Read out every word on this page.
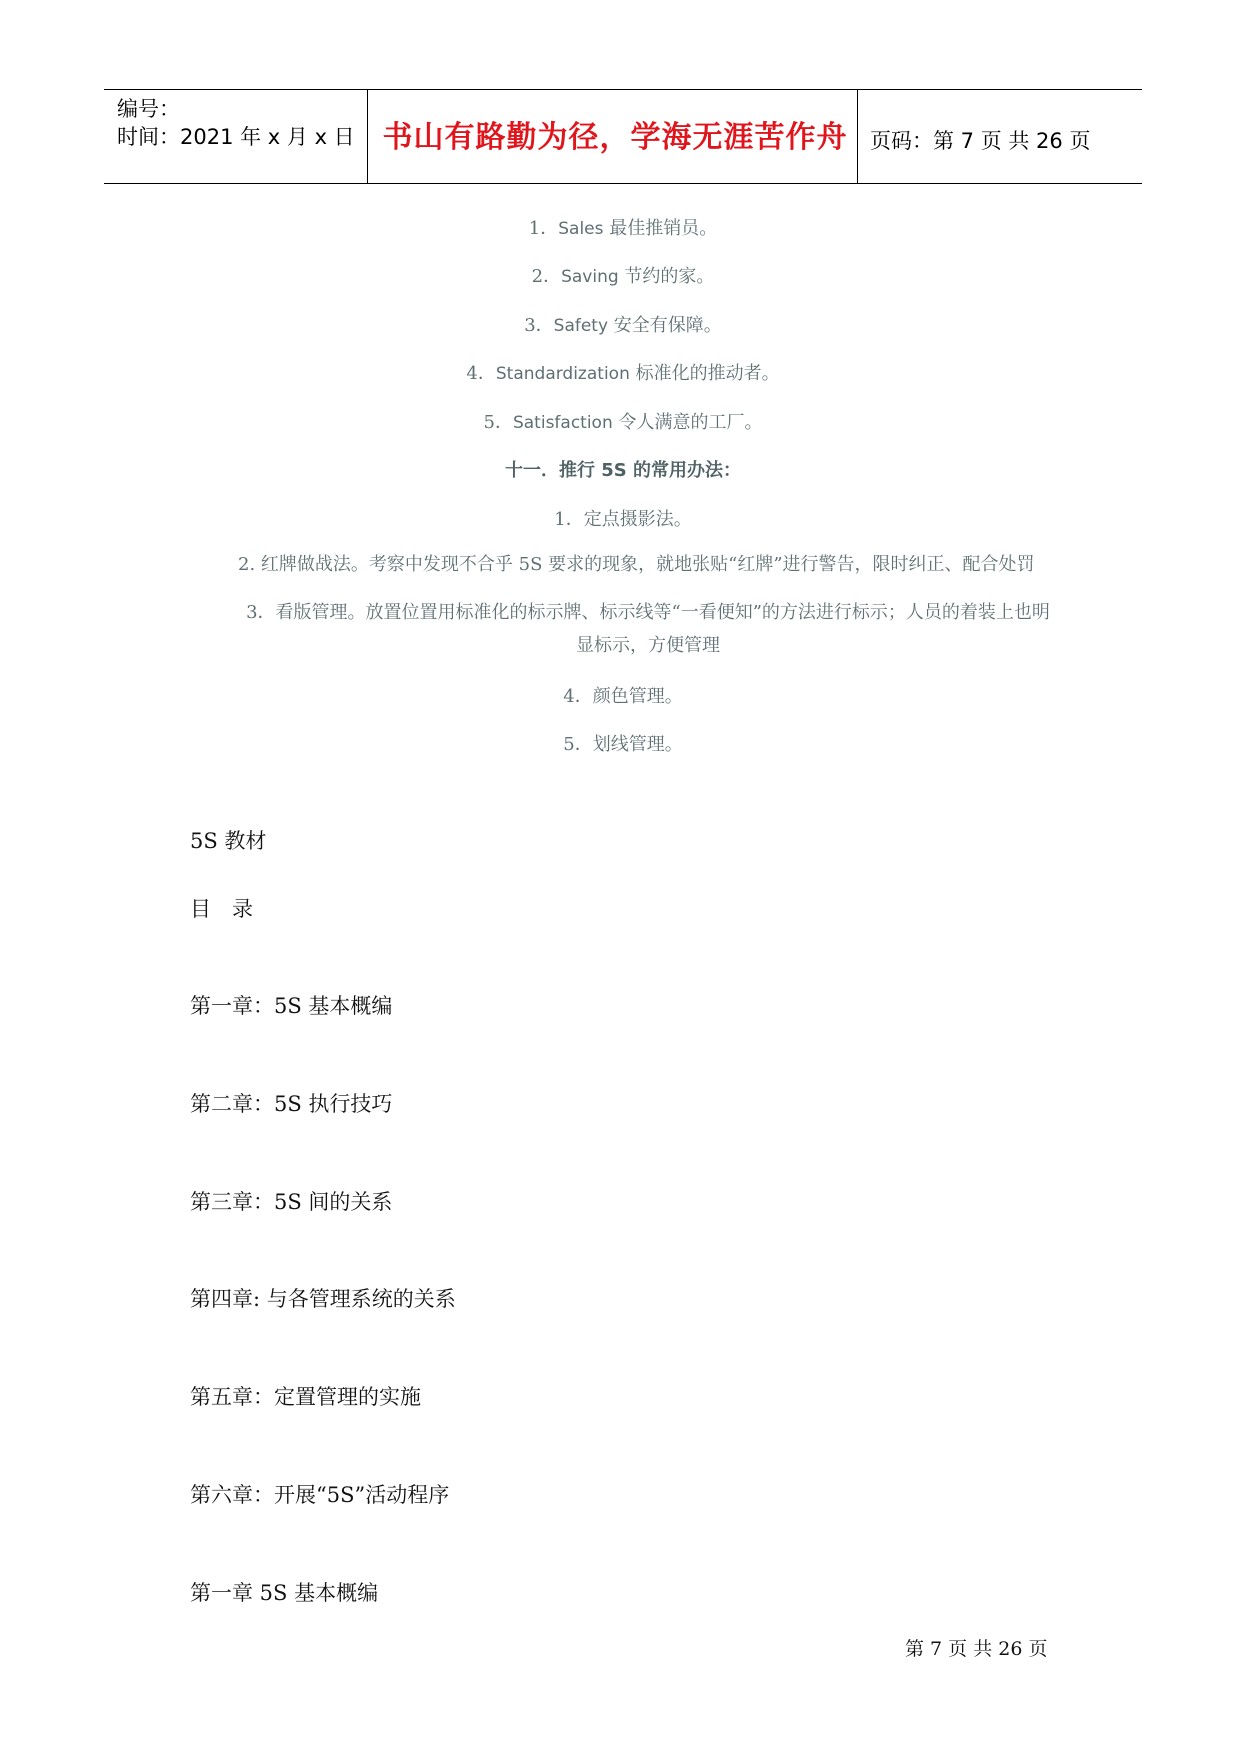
编号：
时间：2021 年 x 月 x 日 书山有路勤为径，学海无涯苦作舟	页码：第 7 页 共 26 页
1．Sales 最佳推销员。
2．Saving 节约的家。
3．Safety 安全有保障。
4．Standardization 标准化的推动者。
5．Satisfaction 令人满意的工厂。
十一．推行 5S 的常用办法：
1．定点摄影法。
2. 红牌做战法。考察中发现不合乎 5S 要求的现象，就地张贴“红牌”进行警告，限时纠正、配合处罚
3．看版管理。放置位置用标准化的标示牌、标示线等“一看便知”的方法进行标示；人员的着装上也明显标示，方便管理
4．颜色管理。
5．划线管理。
5S 教材
目　录
第一章：5S 基本概编
第二章：5S 执行技巧
第三章：5S 间的关系
第四章: 与各管理系统的关系
第五章：定置管理的实施
第六章：开展“5S”活动程序
第一章 5S 基本概编
第 7 页 共 26 页
